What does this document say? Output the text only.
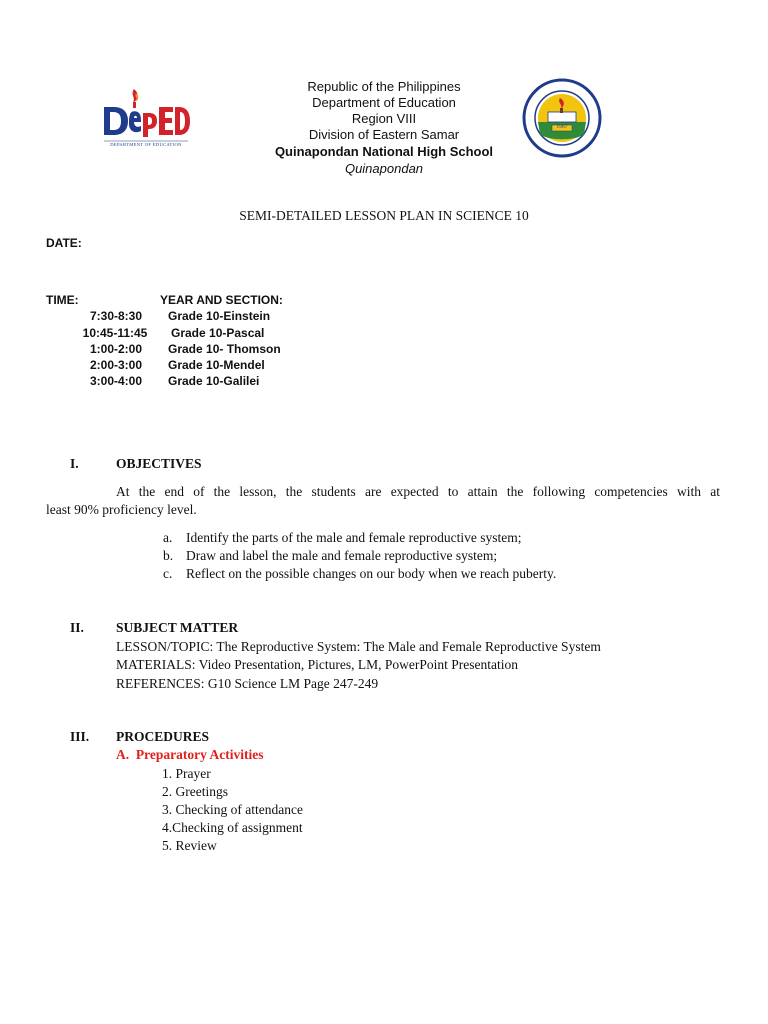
DEPARTMENT OF EDUCATION
Republic of the Philippines
Department of Education
Region VIII
Division of Eastern Samar
Quinapondan National High School
Quinapondan
1967
SEMI-DETAILED LESSON PLAN IN SCIENCE 10
DATE:
TIME:	YEAR AND SECTION:
7:30-8:30	Grade 10-Einstein
10:45-11:45	Grade 10-Pascal
1:00-2:00	Grade 10- Thomson
2:00-3:00	Grade 10-Mendel
3:00-4:00	Grade 10-Galilei
I.	OBJECTIVES
At the end of the lesson, the students are expected to attain the following competencies with at
least 90% proficiency level.
a. Identify the parts of the male and female reproductive system;
b. Draw and label the male and female reproductive system;
c. Reflect on the possible changes on our body when we reach puberty.
II. SUBJECT MATTER
LESSON/TOPIC: The Reproductive System: The Male and Female Reproductive System
MATERIALS: Video Presentation, Pictures, LM, PowerPoint Presentation
REFERENCES: G10 Science LM Page 247-249
III. PROCEDURES
A.  Preparatory Activities
1. Prayer
2. Greetings
3. Checking of attendance
4.Checking of assignment
5. Review
